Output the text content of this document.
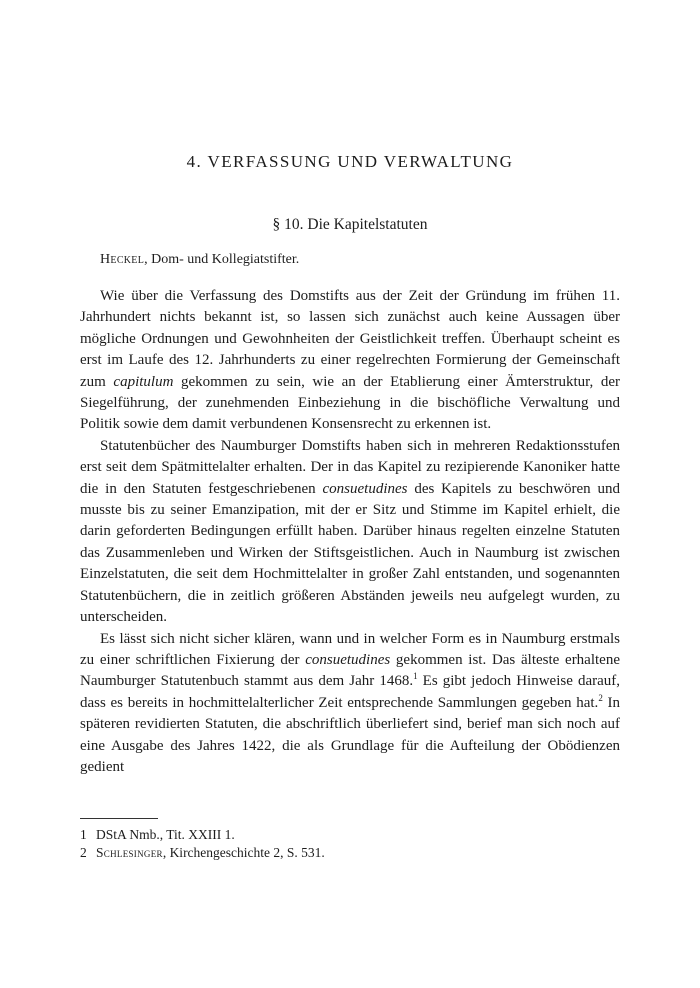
4. VERFASSUNG UND VERWALTUNG
§ 10. Die Kapitelstatuten

Heckel, Dom- und Kollegiatstifter.

Wie über die Verfassung des Domstifts aus der Zeit der Gründung im frühen 11. Jahrhundert nichts bekannt ist, so lassen sich zunächst auch keine Aussagen über mögliche Ordnungen und Gewohnheiten der Geistlichkeit treffen. Überhaupt scheint es erst im Laufe des 12. Jahrhunderts zu einer regelrechten Formierung der Gemeinschaft zum capitulum gekommen zu sein, wie an der Etablierung einer Ämterstruktur, der Siegelführung, der zunehmenden Einbeziehung in die bischöfliche Verwaltung und Politik sowie dem damit verbundenen Konsensrecht zu erkennen ist.

Statutenbücher des Naumburger Domstifts haben sich in mehreren Redaktionsstufen erst seit dem Spätmittelalter erhalten. Der in das Kapitel zu rezipierende Kanoniker hatte die in den Statuten festgeschriebenen consuetudines des Kapitels zu beschwören und musste bis zu seiner Emanzipation, mit der er Sitz und Stimme im Kapitel erhielt, die darin geforderten Bedingungen erfüllt haben. Darüber hinaus regelten einzelne Statuten das Zusammenleben und Wirken der Stiftsgeistlichen. Auch in Naumburg ist zwischen Einzelstatuten, die seit dem Hochmittelalter in großer Zahl entstanden, und sogenannten Statutenbüchern, die in zeitlich größeren Abständen jeweils neu aufgelegt wurden, zu unterscheiden.

Es lässt sich nicht sicher klären, wann und in welcher Form es in Naumburg erstmals zu einer schriftlichen Fixierung der consuetudines gekommen ist. Das älteste erhaltene Naumburger Statutenbuch stammt aus dem Jahr 1468.$^1$ Es gibt jedoch Hinweise darauf, dass es bereits in hochmittelalterlicher Zeit entsprechende Sammlungen gegeben hat.$^2$ In späteren revidierten Statuten, die abschriftlich überliefert sind, berief man sich noch auf eine Ausgabe des Jahres 1422, die als Grundlage für die Aufteilung der Obödienzen gedient

1 DStA Nmb., Tit. XXIII 1.
2 Schlesinger, Kirchengeschichte 2, S. 531.
